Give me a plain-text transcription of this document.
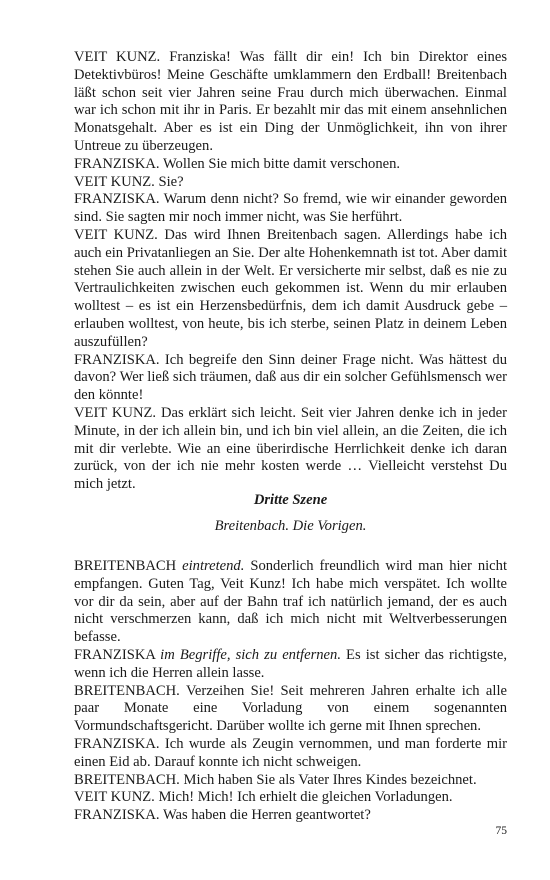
VEIT KUNZ. Franziska! Was fällt dir ein! Ich bin Direktor eines Detektivbüros! Meine Geschäfte umklammern den Erdball! Breitenbach läßt schon seit vier Jahren seine Frau durch mich überwachen. Einmal war ich schon mit ihr in Paris. Er bezahlt mir das mit einem ansehnlichen Monatsgehalt. Aber es ist ein Ding der Unmöglichkeit, ihn von ihrer Untreue zu überzeugen.

FRANZISKA. Wollen Sie mich bitte damit verschonen.

VEIT KUNZ. Sie?

FRANZISKA. Warum denn nicht? So fremd, wie wir einander geworden sind. Sie sagten mir noch immer nicht, was Sie herführt.

VEIT KUNZ. Das wird Ihnen Breitenbach sagen. Allerdings habe ich auch ein Privatanliegen an Sie. Der alte Hohenkemnath ist tot. Aber damit stehen Sie auch allein in der Welt. Er versicherte mir selbst, daß es nie zu Vertraulichkeiten zwischen euch gekommen ist. Wenn du mir erlauben wolltest – es ist ein Herzensbedürfnis, dem ich damit Ausdruck gebe – erlauben wolltest, von heute, bis ich sterbe, seinen Platz in deinem Leben auszufüllen?

FRANZISKA. Ich begreife den Sinn deiner Frage nicht. Was hättest du davon? Wer ließ sich träumen, daß aus dir ein solcher Gefühlsmensch wer den könnte!

VEIT KUNZ. Das erklärt sich leicht. Seit vier Jahren denke ich in jeder Minute, in der ich allein bin, und ich bin viel allein, an die Zeiten, die ich mit dir verlebte. Wie an eine überirdische Herrlichkeit denke ich daran zurück, von der ich nie mehr kosten werde … Vielleicht verstehst Du mich jetzt.

Dritte Szene

Breitenbach. Die Vorigen.

BREITENBACH eintretend. Sonderlich freundlich wird man hier nicht empfangen. Guten Tag, Veit Kunz! Ich habe mich verspätet. Ich wollte vor dir da sein, aber auf der Bahn traf ich natürlich jemand, der es auch nicht verschmerzen kann, daß ich mich nicht mit Weltverbesserungen befasse.

FRANZISKA im Begriffe, sich zu entfernen. Es ist sicher das richtigste, wenn ich die Herren allein lasse.

BREITENBACH. Verzeihen Sie! Seit mehreren Jahren erhalte ich alle paar Monate eine Vorladung von einem sogenannten Vormundschaftsgericht. Darüber wollte ich gerne mit Ihnen sprechen.

FRANZISKA. Ich wurde als Zeugin vernommen, und man forderte mir einen Eid ab. Darauf konnte ich nicht schweigen.

BREITENBACH. Mich haben Sie als Vater Ihres Kindes bezeichnet.

VEIT KUNZ. Mich! Mich! Ich erhielt die gleichen Vorladungen.

FRANZISKA. Was haben die Herren geantwortet?

75
